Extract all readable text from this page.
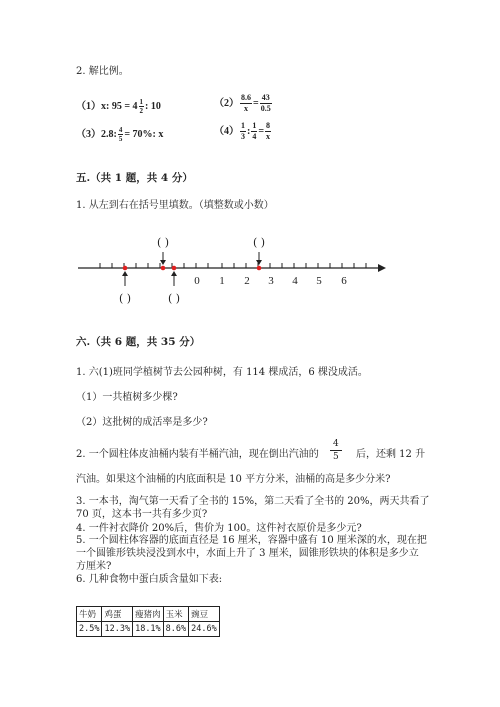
2. 解比例。
（1）x: $95 = 4 \frac{1}{2}$ : 10	$(2) \frac{8.6}{x} = \frac{43}{0.5}$
（3）2.8: $\frac{4}{5} = 70\%$: x	$(4) \frac{1}{3}$ : $\frac{1}{4} = \frac{8}{x}$
五.（共 1 题，共 4 分）
1. 从左到右在括号里填数。（填整数或小数）
0 1 2 3 4 5 6
( )	( )
( )	( )
六.（共 6 题，共 35 分）
1. 六(1)班同学植树节去公园种树，有 114 棵成活，6 棵没成活。
（1）一共植树多少棵?
（2）这批树的成活率是多少?
2. 一个圆柱体皮油桶内装有半桶汽油，现在倒出汽油的 $\frac{4}{5}$ 后，还剩 12 升
汽油。如果这个油桶的内底面积是 10 平方分米，油桶的高是多少分米?
3. 一本书，淘气第一天看了全书的 15%，第二天看了全书的 20%，两天共看了
70 页，这本书一共有多少页?
4. 一件衬衣降价 20%后，售价为 100。这件衬衣原价是多少元?
5. 一个圆柱体容器的底面直径是 16 厘米，容器中盛有 10 厘米深的水，现在把
一个圆锥形铁块浸没到水中，水面上升了 3 厘米，圆锥形铁块的体积是多少立
方厘米?
6. 几种食物中蛋白质含量如下表:
牛奶	鸡蛋	瘦猪肉	玉米	豌豆
2.5%	12.3%	18.1%	8.6%	24.6%
